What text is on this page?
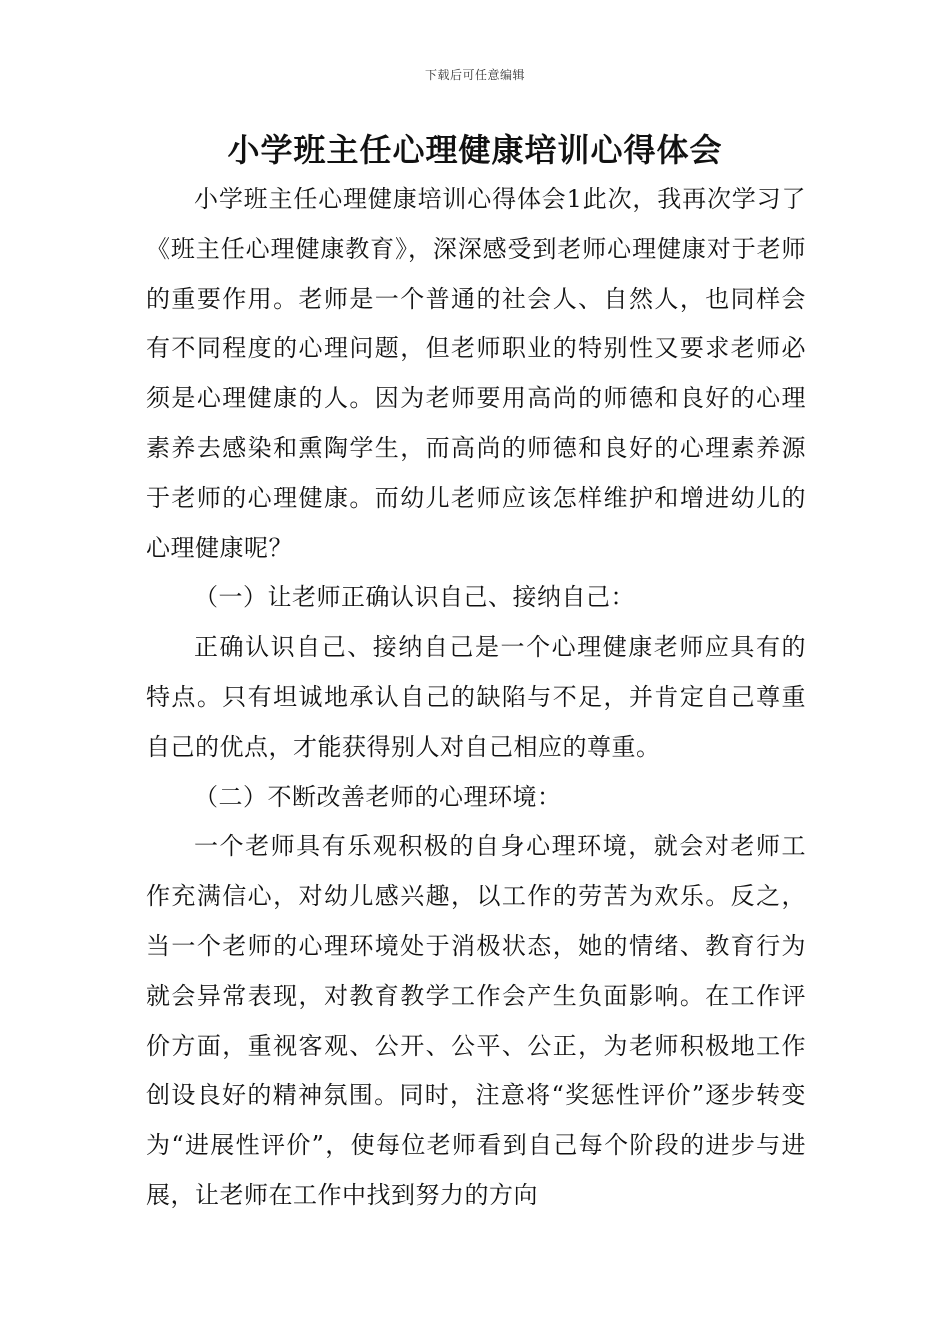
下载后可任意编辑
小学班主任心理健康培训心得体会

小学班主任心理健康培训心得体会1此次，我再次学习了《班主任心理健康教育》，深深感受到老师心理健康对于老师的重要作用。老师是一个普通的社会人、自然人，也同样会有不同程度的心理问题，但老师职业的特别性又要求老师必须是心理健康的人。因为老师要用高尚的师德和良好的心理素养去感染和熏陶学生，而高尚的师德和良好的心理素养源于老师的心理健康。而幼儿老师应该怎样维护和增进幼儿的心理健康呢？

（一）让老师正确认识自己、接纳自己：

正确认识自己、接纳自己是一个心理健康老师应具有的特点。只有坦诚地承认自己的缺陷与不足，并肯定自己尊重自己的优点，才能获得别人对自己相应的尊重。

（二）不断改善老师的心理环境：

一个老师具有乐观积极的自身心理环境，就会对老师工作充满信心，对幼儿感兴趣，以工作的劳苦为欢乐。反之，当一个老师的心理环境处于消极状态，她的情绪、教育行为就会异常表现，对教育教学工作会产生负面影响。在工作评价方面，重视客观、公开、公平、公正，为老师积极地工作创设良好的精神氛围。同时，注意将“奖惩性评价”逐步转变为“进展性评价”，使每位老师看到自己每个阶段的进步与进展，让老师在工作中找到努力的方向
